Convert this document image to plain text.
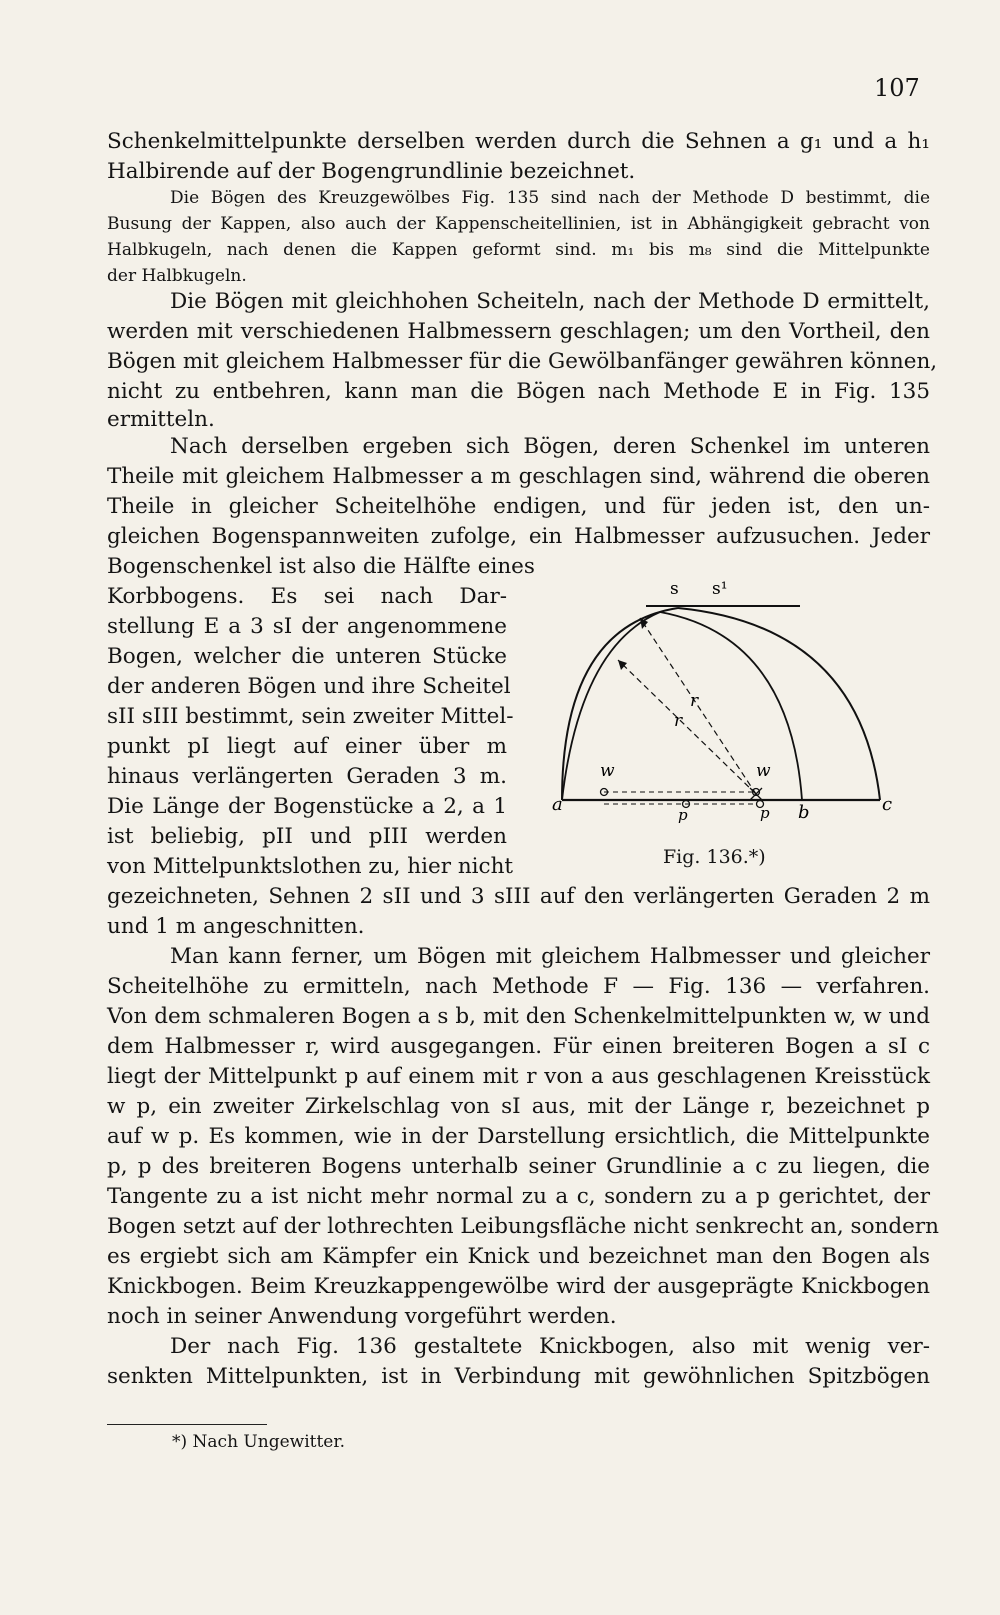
107
Schenkelmittelpunkte derselben werden durch die Sehnen a g₁ und a h₁
Halbirende auf der Bogengrundlinie bezeichnet.
Die Bögen des Kreuzgewölbes Fig. 135 sind nach der Methode D bestimmt, die
Busung der Kappen, also auch der Kappenscheitellinien, ist in Abhängigkeit gebracht von
Halbkugeln, nach denen die Kappen geformt sind. m₁ bis m₈ sind die Mittelpunkte
der Halbkugeln.
Die Bögen mit gleichhohen Scheiteln, nach der Methode D ermittelt,
werden mit verschiedenen Halbmessern geschlagen; um den Vortheil, den
Bögen mit gleichem Halbmesser für die Gewölbanfänger gewähren können,
nicht zu entbehren, kann man die Bögen nach Methode E in Fig. 135
ermitteln.
Nach derselben ergeben sich Bögen, deren Schenkel im unteren
Theile mit gleichem Halbmesser a m geschlagen sind, während die oberen
Theile in gleicher Scheitelhöhe endigen, und für jeden ist, den un-
gleichen Bogenspannweiten zufolge, ein Halbmesser aufzusuchen. Jeder
Bogenschenkel ist also die Hälfte eines
Korbbogens. Es sei nach Dar-
stellung E a 3 sI der angenommene
Bogen, welcher die unteren Stücke
der anderen Bögen und ihre Scheitel
sII sIII bestimmt, sein zweiter Mittel-
punkt pI liegt auf einer über m
hinaus verlängerten Geraden 3 m.
Die Länge der Bogenstücke a 2, a 1
ist beliebig, pII und pIII werden
von Mittelpunktslothen zu, hier nicht
gezeichneten, Sehnen 2 sII und 3 sIII auf den verlängerten Geraden 2 m
und 1 m angeschnitten.
Man kann ferner, um Bögen mit gleichem Halbmesser und gleicher
Scheitelhöhe zu ermitteln, nach Methode F — Fig. 136 — verfahren.
Von dem schmaleren Bogen a s b, mit den Schenkelmittelpunkten w, w und
dem Halbmesser r, wird ausgegangen. Für einen breiteren Bogen a sI c
liegt der Mittelpunkt p auf einem mit r von a aus geschlagenen Kreisstück
w p, ein zweiter Zirkelschlag von sI aus, mit der Länge r, bezeichnet p
auf w p. Es kommen, wie in der Darstellung ersichtlich, die Mittelpunkte
p, p des breiteren Bogens unterhalb seiner Grundlinie a c zu liegen, die
Tangente zu a ist nicht mehr normal zu a c, sondern zu a p gerichtet, der
Bogen setzt auf der lothrechten Leibungsfläche nicht senkrecht an, sondern
es ergiebt sich am Kämpfer ein Knick und bezeichnet man den Bogen als
Knickbogen. Beim Kreuzkappengewölbe wird der ausgeprägte Knickbogen
noch in seiner Anwendung vorgeführt werden.
Der nach Fig. 136 gestaltete Knickbogen, also mit wenig ver-
senkten Mittelpunkten, ist in Verbindung mit gewöhnlichen Spitzbögen
a	b	c
s s¹
r
r
w	w
p	p
Fig. 136.*)
*) Nach Ungewitter.
